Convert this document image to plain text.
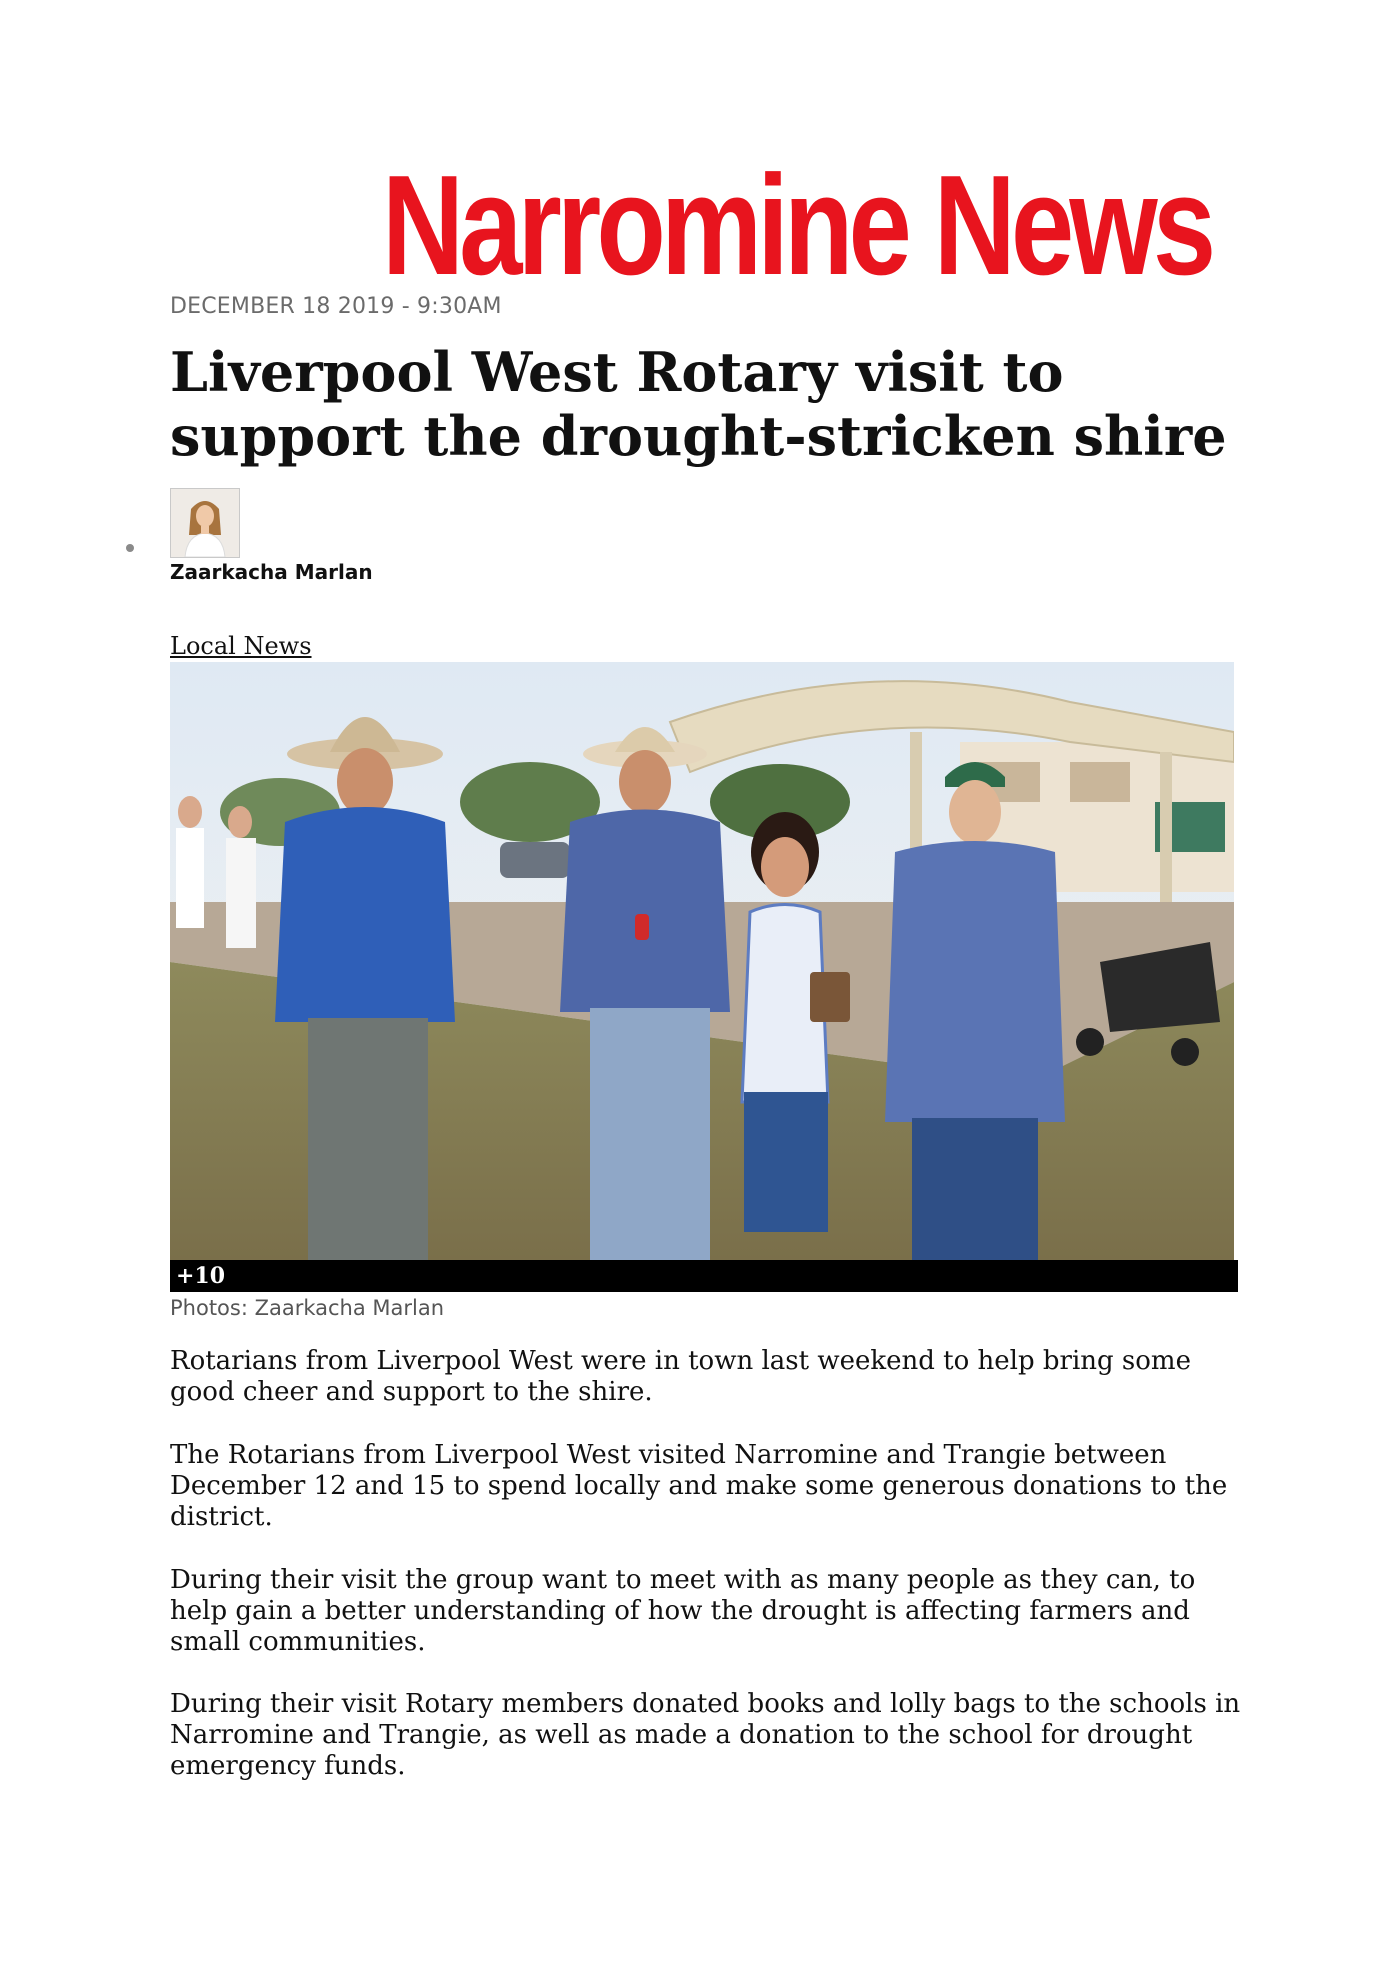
Narromine News
DECEMBER 18 2019 - 9:30AM
Liverpool West Rotary visit to support the drought-stricken shire
Zaarkacha Marlan
Local News
+10
Photos: Zaarkacha Marlan

Rotarians from Liverpool West were in town last weekend to help bring some good cheer and support to the shire.

The Rotarians from Liverpool West visited Narromine and Trangie between December 12 and 15 to spend locally and make some generous donations to the district.

During their visit the group want to meet with as many people as they can, to help gain a better understanding of how the drought is affecting farmers and small communities.

During their visit Rotary members donated books and lolly bags to the schools in Narromine and Trangie, as well as made a donation to the school for drought emergency funds.
